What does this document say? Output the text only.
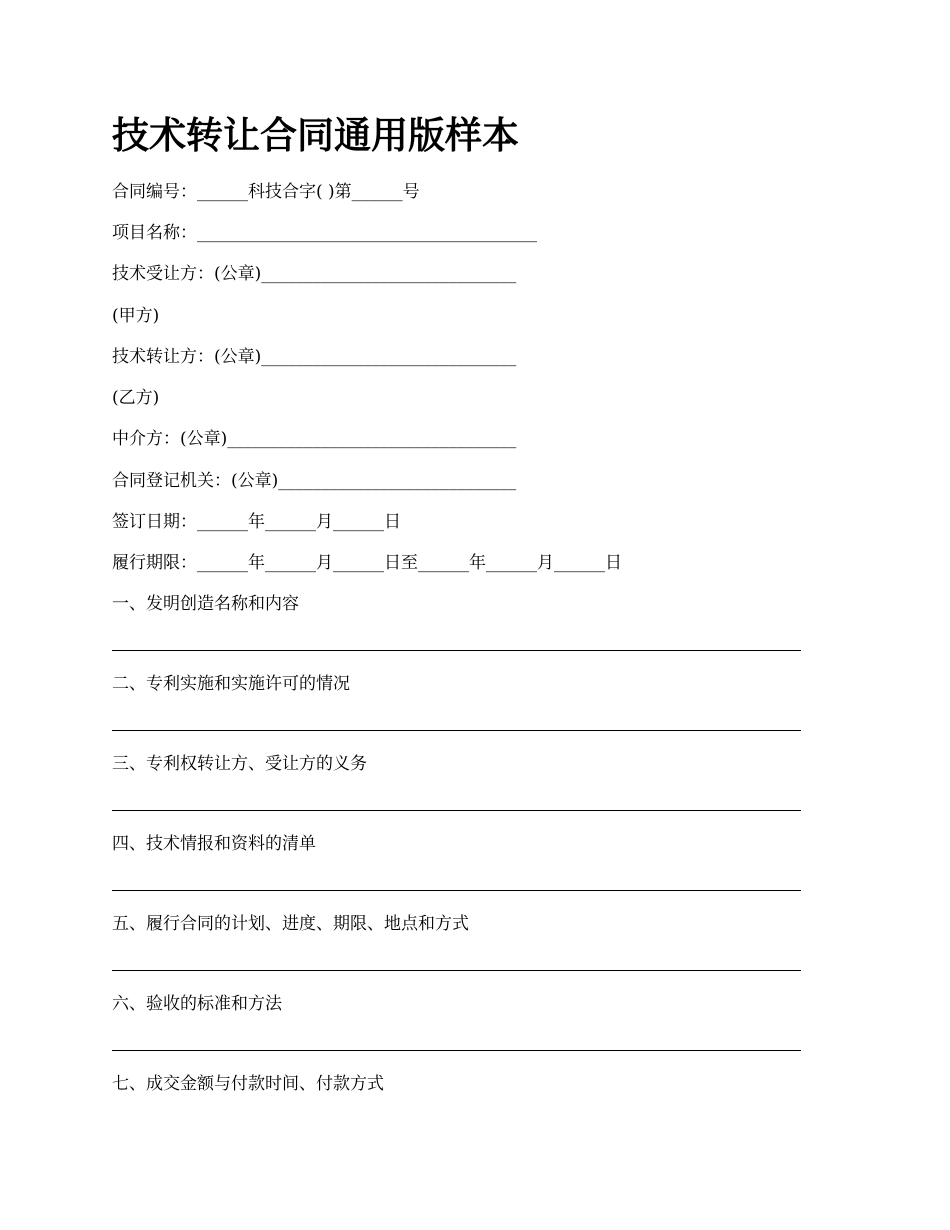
技术转让合同通用版样本
合同编号：______科技合字( )第______号
项目名称：________________________________________
技术受让方：(公章)______________________________
(甲方)
技术转让方：(公章)______________________________
(乙方)
中介方：(公章)__________________________________
合同登记机关：(公章)____________________________
签订日期：______年______月______日
履行期限：______年______月______日至______年______月______日
一、发明创造名称和内容
二、专利实施和实施许可的情况
三、专利权转让方、受让方的义务
四、技术情报和资料的清单
五、履行合同的计划、进度、期限、地点和方式
六、验收的标准和方法
七、成交金额与付款时间、付款方式
